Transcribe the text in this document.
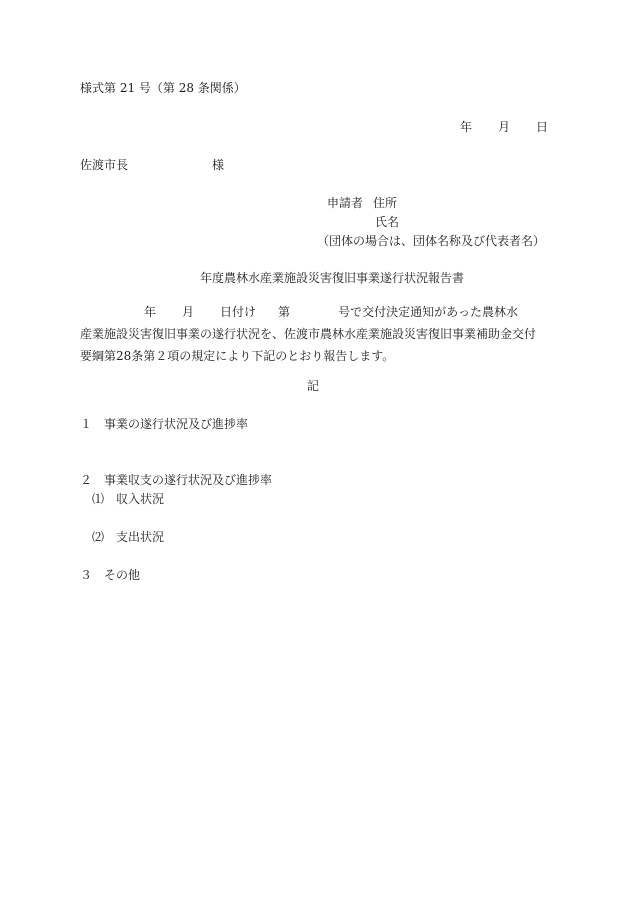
様式第 21 号（第 28 条関係）
年 月 日
佐渡市長	様
申請者 住所
氏名
（団体の場合は、団体名称及び代表者名）
年度農林水産業施設災害復旧事業遂行状況報告書
年 月 日付け 第	号で交付決定通知があった農林水
産業施設災害復旧事業の遂行状況を、佐渡市農林水産業施設災害復旧事業補助金交付
要綱第28条第２項の規定により下記のとおり報告します。
記
１　事業の遂行状況及び進捗率
２　事業収支の遂行状況及び進捗率
⑴　収入状況
⑵　支出状況
３　その他
